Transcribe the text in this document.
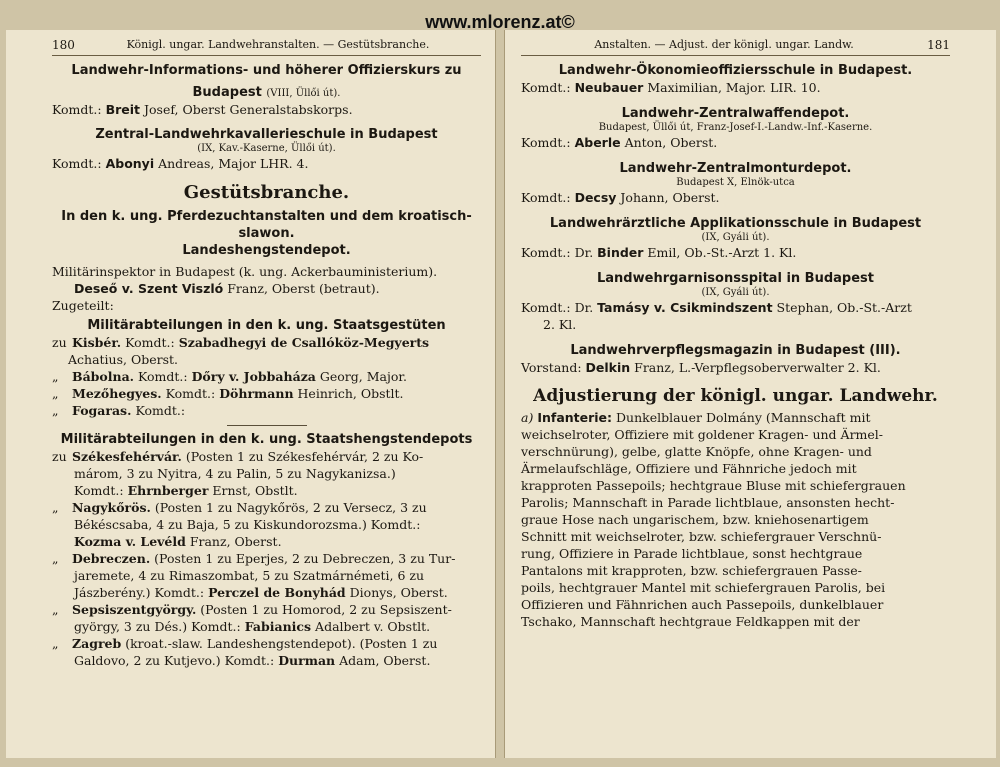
www.mlorenz.at©
180	Königl. ungar. Landwehranstalten. — Gestütsbranche.
Landwehr-Informations- und höherer Offizierskurs zu
Budapest (VIII, Üllői út).
Komdt.: Breit Josef, Oberst Generalstabskorps.
Zentral-Landwehrkavallerieschule in Budapest
(IX, Kav.-Kaserne, Üllői út).
Komdt.: Abonyi Andreas, Major LHR. 4.
Gestütsbranche.
In den k. ung. Pferdezuchtanstalten und dem kroatisch-slawon.
Landeshengstendepot.
Militärinspektor in Budapest (k. ung. Ackerbauministerium).
Deseő v. Szent Viszló Franz, Oberst (betraut).
Zugeteilt:
Militärabteilungen in den k. ung. Staatsgestüten
zu Kisbér. Komdt.: Szabadhegyi de Csallóköz-Megyerts
Achatius, Oberst.
„ Bábolna. Komdt.: Dőry v. Jobbaháza Georg, Major.
„ Mezőhegyes. Komdt.: Döhrmann Heinrich, Obstlt.
„ Fogaras. Komdt.:
Militärabteilungen in den k. ung. Staatshengstendepots
zu Székesfehérvár. (Posten 1 zu Székesfehérvár, 2 zu Ko-
márom, 3 zu Nyitra, 4 zu Palin, 5 zu Nagykanizsa.)
Komdt.: Ehrnberger Ernst, Obstlt.
„ Nagykőrös. (Posten 1 zu Nagykőrös, 2 zu Versecz, 3 zu
Békéscsaba, 4 zu Baja, 5 zu Kiskundorozsma.) Komdt.:
Kozma v. Levéld Franz, Oberst.
„ Debreczen. (Posten 1 zu Eperjes, 2 zu Debreczen, 3 zu Tur-
jaremete, 4 zu Rimaszombat, 5 zu Szatmárnémeti, 6 zu
Jászberény.) Komdt.: Perczel de Bonyhád Dionys, Oberst.
„ Sepsiszentgyörgy. (Posten 1 zu Homorod, 2 zu Sepsiszent-
györgy, 3 zu Dés.) Komdt.: Fabianics Adalbert v. Obstlt.
„ Zagreb (kroat.-slaw. Landeshengstendepot). (Posten 1 zu
Galdovo, 2 zu Kutjevo.) Komdt.: Durman Adam, Oberst.
Anstalten. — Adjust. der königl. ungar. Landw.	181
Landwehr-Ökonomieoffiziersschule in Budapest.
Komdt.: Neubauer Maximilian, Major. LIR. 10.
Landwehr-Zentralwaffendepot.
Budapest, Üllői út, Franz-Josef-I.-Landw.-Inf.-Kaserne.
Komdt.: Aberle Anton, Oberst.
Landwehr-Zentralmonturdepot.
Budapest X, Elnök-utca
Komdt.: Decsy Johann, Oberst.
Landwehrärztliche Applikationsschule in Budapest
(IX, Gyáli út).
Komdt.: Dr. Binder Emil, Ob.-St.-Arzt 1. Kl.
Landwehrgarnisonsspital in Budapest
(IX, Gyáli út).
Komdt.: Dr. Tamásy v. Csikmindszent Stephan, Ob.-St.-Arzt
2. Kl.
Landwehrverpflegsmagazin in Budapest (III).
Vorstand: Delkin Franz, L.-Verpflegsoberverwalter 2. Kl.
Adjustierung der königl. ungar. Landwehr.
a) Infanterie: Dunkelblauer Dolmány (Mannschaft mit
weichselroter, Offiziere mit goldener Kragen- und Ärmel-
verschnürung), gelbe, glatte Knöpfe, ohne Kragen- und
Ärmelaufschläge, Offiziere und Fähnriche jedoch mit
krapproten Passepoils; hechtgraue Bluse mit schiefergrauen
Parolis; Mannschaft in Parade lichtblaue, ansonsten hecht-
graue Hose nach ungarischem, bzw. kniehosenartigem
Schnitt mit weichselroter, bzw. schiefergrauer Verschnü-
rung, Offiziere in Parade lichtblaue, sonst hechtgraue
Pantalons mit krapproten, bzw. schiefergrauen Passe-
poils, hechtgrauer Mantel mit schiefergrauen Parolis, bei
Offizieren und Fähnrichen auch Passepoils, dunkelblauer
Tschako, Mannschaft hechtgraue Feldkappen mit der
